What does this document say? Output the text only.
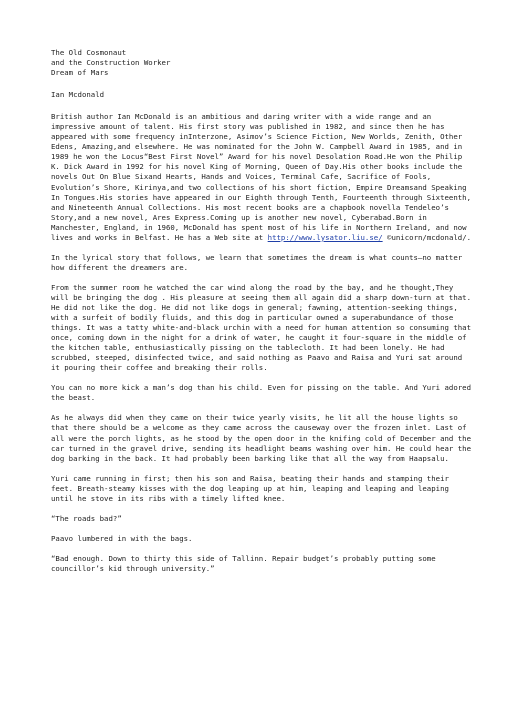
The Old Cosmonaut

and the Construction Worker

Dream of Mars

Ian Mcdonald

British author Ian McDonald is an ambitious and daring writer with a wide range and an impressive amount of talent. His first story was published in 1982, and since then he has appeared with some frequency inInterzone, Asimov’s Science Fiction, New Worlds, Zenith, Other Edens, Amazing,and elsewhere. He was nominated for the John W. Campbell Award in 1985, and in 1989 he won the Locus“Best First Novel” Award for his novel Desolation Road.He won the Philip K. Dick Award in 1992 for his novel King of Morning, Queen of Day.His other books include the novels Out On Blue Sixand Hearts, Hands and Voices, Terminal Cafe, Sacrifice of Fools, Evolution’s Shore, Kirinya,and two collections of his short fiction, Empire Dreamsand Speaking In Tongues.His stories have appeared in our Eighth through Tenth, Fourteenth through Sixteenth, and Nineteenth Annual Collections. His most recent books are a chapbook novella Tendeleo’s Story,and a new novel, Ares Express.Coming up is another new novel, Cyberabad.Born in Manchester, England, in 1960, McDonald has spent most of his life in Northern Ireland, and now lives and works in Belfast. He has a Web site at http://www.lysator.liu.se/ ©unicorn/mcdonald/.

In the lyrical story that follows, we learn that sometimes the dream is what counts—no matter how different the dreamers are.

From the summer room he watched the car wind along the road by the bay, and he thought,They will be bringing the dog . His pleasure at seeing them all again did a sharp down-turn at that. He did not like the dog. He did not like dogs in general; fawning, attention-seeking things, with a surfeit of bodily fluids, and this dog in particular owned a superabundance of those things. It was a tatty white-and-black urchin with a need for human attention so consuming that once, coming down in the night for a drink of water, he caught it four-square in the middle of the kitchen table, enthusiastically pissing on the tablecloth. It had been lonely. He had scrubbed, steeped, disinfected twice, and said nothing as Paavo and Raisa and Yuri sat around it pouring their coffee and breaking their rolls.

You can no more kick a man’s dog than his child. Even for pissing on the table. And Yuri adored the beast.

As he always did when they came on their twice yearly visits, he lit all the house lights so that there should be a welcome as they came across the causeway over the frozen inlet. Last of all were the porch lights, as he stood by the open door in the knifing cold of December and the car turned in the gravel drive, sending its headlight beams washing over him. He could hear the dog barking in the back. It had probably been barking like that all the way from Haapsalu.

Yuri came running in first; then his son and Raisa, beating their hands and stamping their feet. Breath-steamy kisses with the dog leaping up at him, leaping and leaping and leaping until he stove in its ribs with a timely lifted knee.

“The roads bad?”

Paavo lumbered in with the bags.

“Bad enough. Down to thirty this side of Tallinn. Repair budget’s probably putting some councillor’s kid through university.”
